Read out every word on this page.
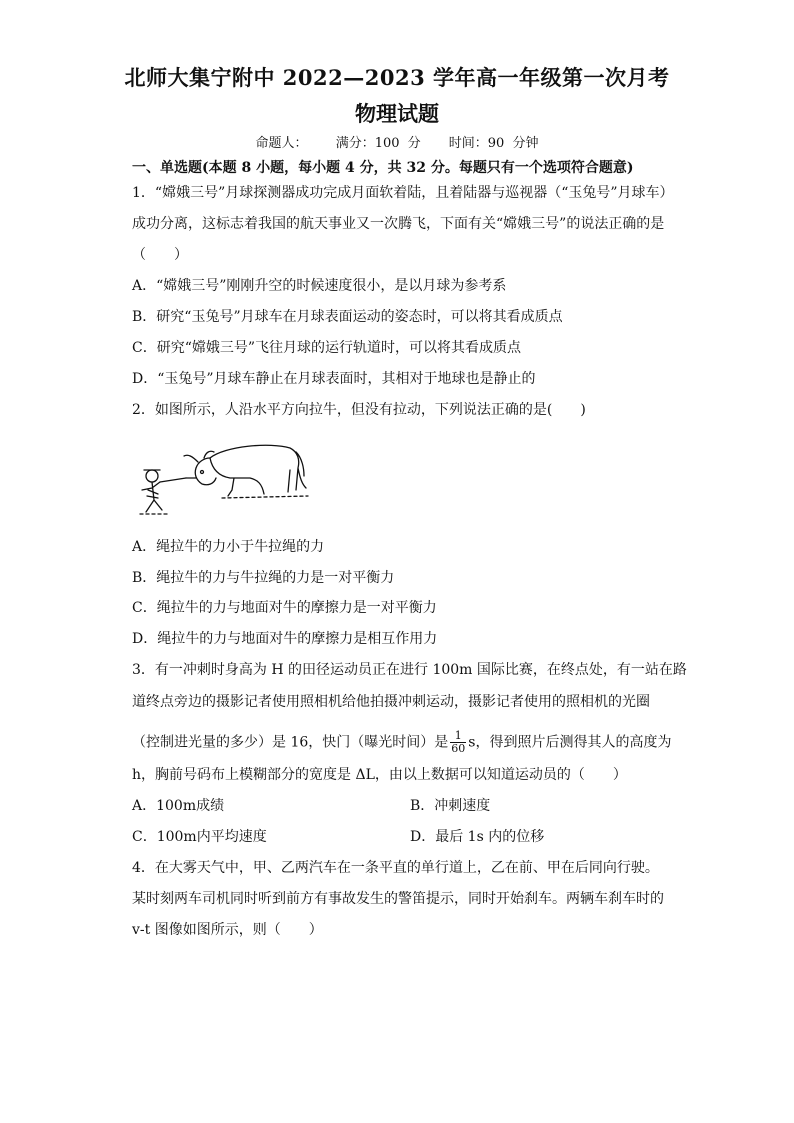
北师大集宁附中 2022—2023 学年高一年级第一次月考
物理试题
命题人： 满分：100 分 时间：90 分钟
一、单选题(本题 8 小题，每小题 4 分，共 32 分。每题只有一个选项符合题意)
1．“嫦娥三号”月球探测器成功完成月面软着陆，且着陆器与巡视器（“玉兔号”月球车）
成功分离，这标志着我国的航天事业又一次腾飞，下面有关“嫦娥三号”的说法正确的是
（　　）
A．“嫦娥三号”刚刚升空的时候速度很小，是以月球为参考系
B．研究“玉兔号”月球车在月球表面运动的姿态时，可以将其看成质点
C．研究“嫦娥三号”飞往月球的运行轨道时，可以将其看成质点
D．“玉兔号”月球车静止在月球表面时，其相对于地球也是静止的
2．如图所示，人沿水平方向拉牛，但没有拉动，下列说法正确的是(　　)
A．绳拉牛的力小于牛拉绳的力
B．绳拉牛的力与牛拉绳的力是一对平衡力
C．绳拉牛的力与地面对牛的摩擦力是一对平衡力
D．绳拉牛的力与地面对牛的摩擦力是相互作用力
3．有一冲刺时身高为 H 的田径运动员正在进行 100m 国际比赛，在终点处，有一站在路
道终点旁边的摄影记者使用照相机给他拍摄冲刺运动，摄影记者使用的照相机的光圈
（控制进光量的多少）是 16，快门（曝光时间）是 $\frac{1}{60}$ s，得到照片后测得其人的高度为
h，胸前号码布上模糊部分的宽度是 ΔL，由以上数据可以知道运动员的（　　）
A．100m成绩	B．冲刺速度
C．100m内平均速度	D．最后 1s 内的位移
4．在大雾天气中，甲、乙两汽车在一条平直的单行道上，乙在前、甲在后同向行驶。
某时刻两车司机同时听到前方有事故发生的警笛提示，同时开始刹车。两辆车刹车时的
v-t 图像如图所示，则（　　）
